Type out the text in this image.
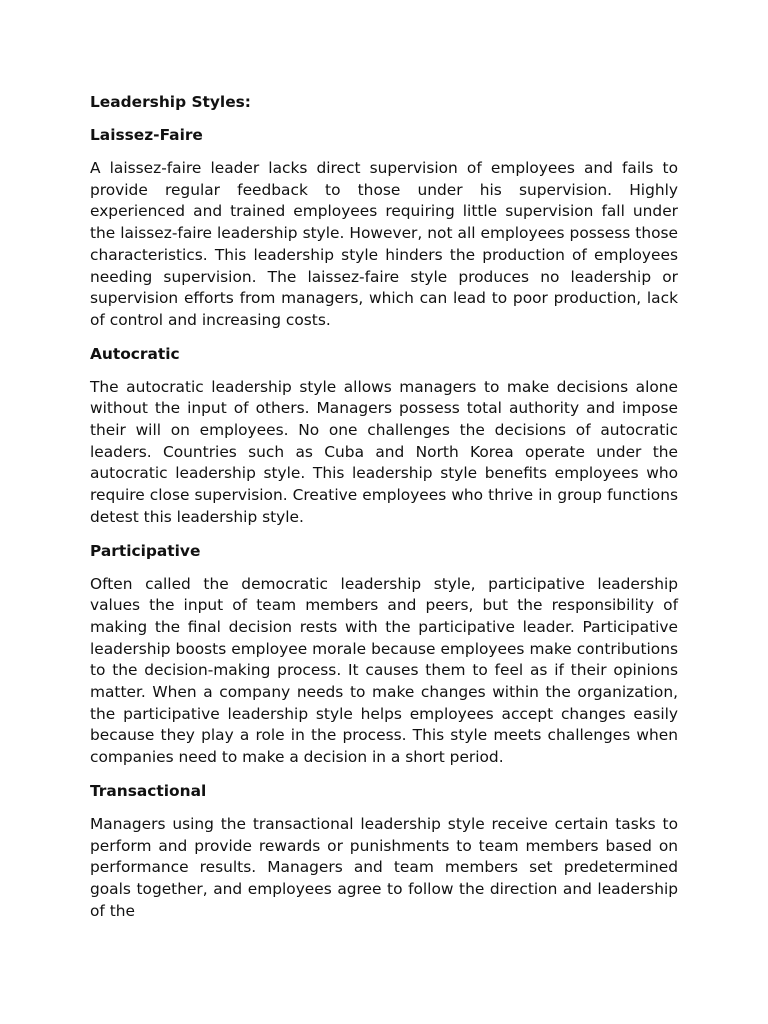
Leadership Styles:
Laissez-Faire

A laissez-faire leader lacks direct supervision of employees and fails to provide regular feedback to those under his supervision. Highly experienced and trained employees requiring little supervision fall under the laissez-faire leadership style. However, not all employees possess those characteristics. This leadership style hinders the production of employees needing supervision. The laissez-faire style produces no leadership or supervision efforts from managers, which can lead to poor production, lack of control and increasing costs.

Autocratic

The autocratic leadership style allows managers to make decisions alone without the input of others. Managers possess total authority and impose their will on employees. No one challenges the decisions of autocratic leaders. Countries such as Cuba and North Korea operate under the autocratic leadership style. This leadership style benefits employees who require close supervision. Creative employees who thrive in group functions detest this leadership style.

Participative

Often called the democratic leadership style, participative leadership values the input of team members and peers, but the responsibility of making the final decision rests with the participative leader. Participative leadership boosts employee morale because employees make contributions to the decision-making process. It causes them to feel as if their opinions matter. When a company needs to make changes within the organization, the participative leadership style helps employees accept changes easily because they play a role in the process. This style meets challenges when companies need to make a decision in a short period.

Transactional

Managers using the transactional leadership style receive certain tasks to perform and provide rewards or punishments to team members based on performance results. Managers and team members set predetermined goals together, and employees agree to follow the direction and leadership of the
